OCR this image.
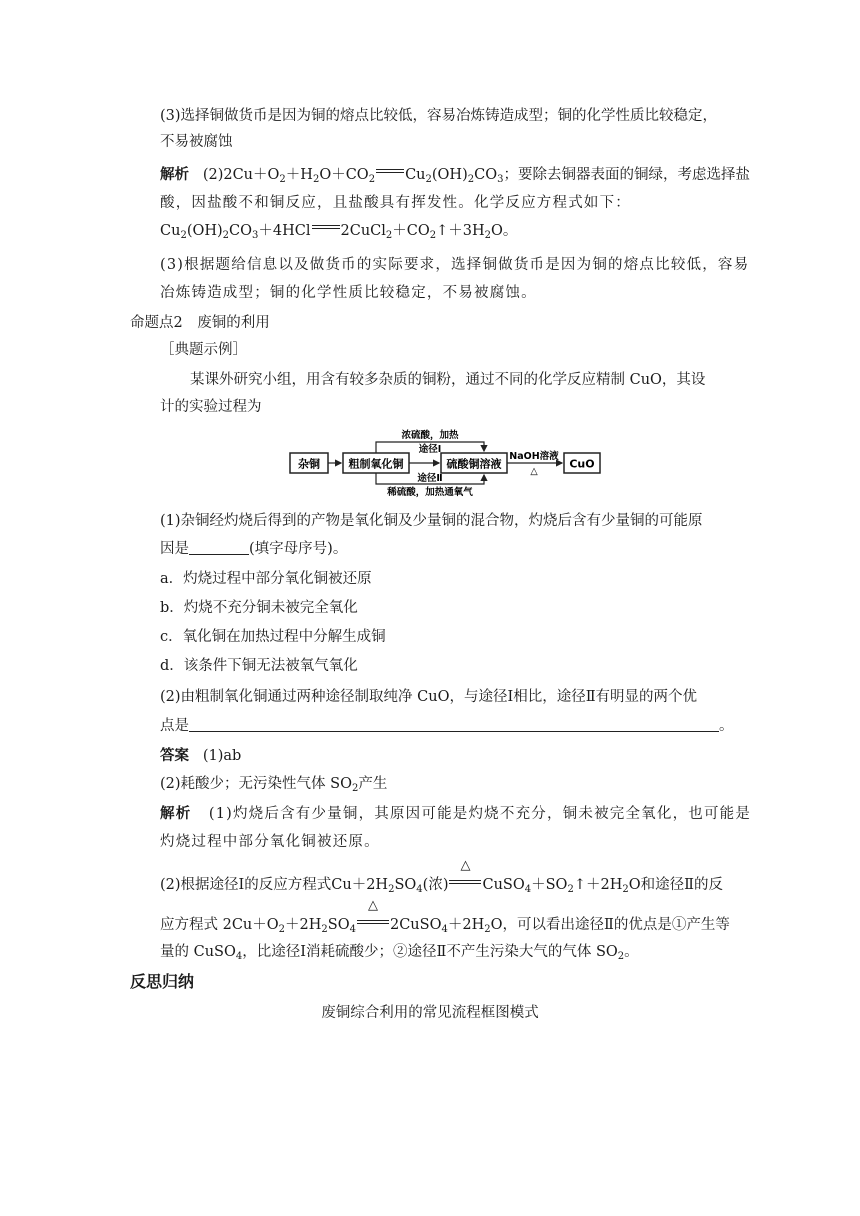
(3)选择铜做货币是因为铜的熔点比较低，容易冶炼铸造成型；铜的化学性质比较稳定，
不易被腐蚀
解析 $(2)2Cu+O_2+H_2O+CO_2$ $Cu_2(OH)_2CO_3$；要除去铜器表面的铜绿，考虑选择盐
酸，因盐酸不和铜反应，且盐酸具有挥发性。化学反应方程式如下：
$Cu_2(OH)_2CO_3+4HCl$ $2CuCl_2+CO_2↑+3H_2O$。
(3)根据题给信息以及做货币的实际要求，选择铜做货币是因为铜的熔点比较低，容易
冶炼铸造成型；铜的化学性质比较稳定，不易被腐蚀。
命题点2　废铜的利用
［典题示例］
某课外研究小组，用含有较多杂质的铜粉，通过不同的化学反应精制 CuO，其设
计的实验过程为
杂铜	粗制氧化铜
浓硫酸，加热
途径Ⅰ
途径Ⅱ
稀硫酸，加热通氧气
硫酸铜溶液
NaOH溶液
△
CuO
(1)杂铜经灼烧后得到的产物是氧化铜及少量铜的混合物，灼烧后含有少量铜的可能原
因是	(填字母序号)。
a．灼烧过程中部分氧化铜被还原
b．灼烧不充分铜未被完全氧化
c．氧化铜在加热过程中分解生成铜
d．该条件下铜无法被氧气氧化
(2)由粗制氧化铜通过两种途径制取纯净 CuO，与途径Ⅰ相比，途径Ⅱ有明显的两个优
点是	。
答案 (1)ab
(2)耗酸少；无污染性气体 $SO_2$产生
解析 (1)灼烧后含有少量铜，其原因可能是灼烧不充分，铜未被完全氧化，也可能是
灼烧过程中部分氧化铜被还原。
(2)根据途径Ⅰ的反应方程式$Cu+2H_2SO_4$(浓)
△
$CuSO_4+SO_2↑+2H_2O$和途径Ⅱ的反
应方程式 $2Cu+O_2+2H_2SO_4$
△
$2CuSO_4+2H_2O$，可以看出途径Ⅱ的优点是①产生等
量的 CuSO$_4$，比途径Ⅰ消耗硫酸少；②途径Ⅱ不产生污染大气的气体 $SO_2$。
反思归纳
废铜综合利用的常见流程框图模式
